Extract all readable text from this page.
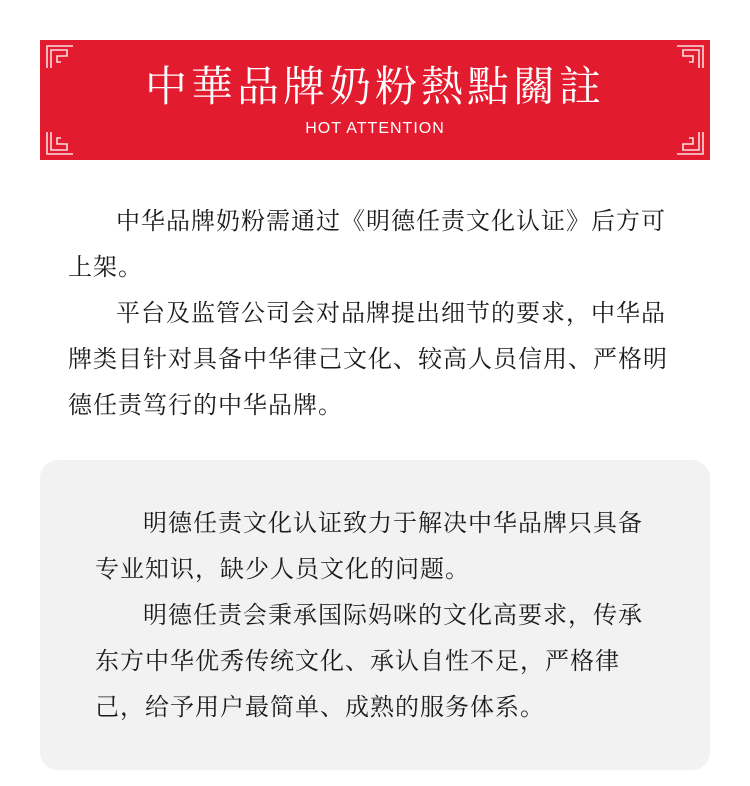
中華品牌奶粉熱點關註
HOT ATTENTION

中华品牌奶粉需通过《明德任责文化认证》后方可上架。

平台及监管公司会对品牌提出细节的要求，中华品牌类目针对具备中华律己文化、较高人员信用、严格明德任责笃行的中华品牌。

明德任责文化认证致力于解决中华品牌只具备专业知识，缺少人员文化的问题。

明德任责会秉承国际妈咪的文化高要求，传承东方中华优秀传统文化、承认自性不足，严格律己，给予用户最简单、成熟的服务体系。
